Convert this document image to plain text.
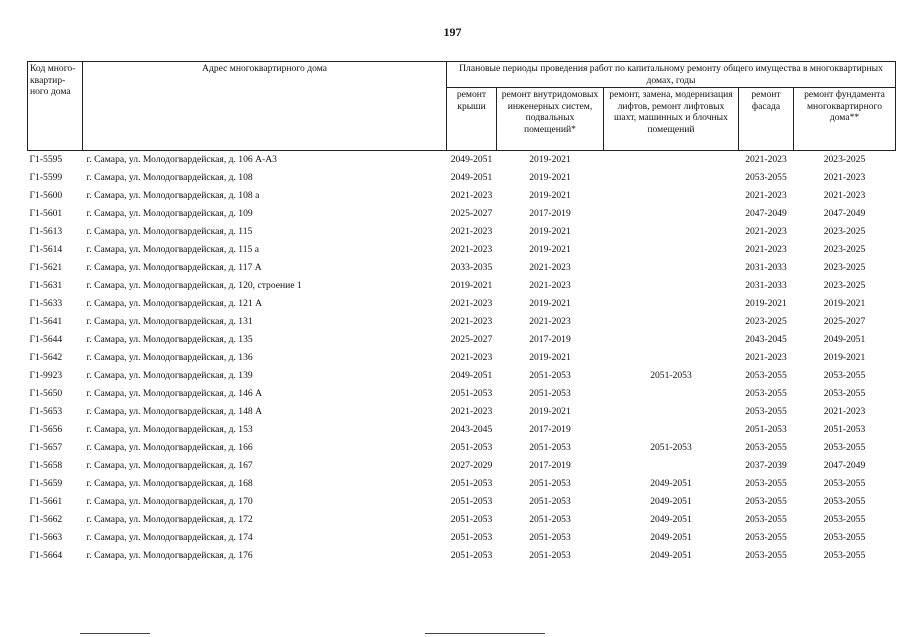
197
Код много-квартир-ного дома	Адрес многоквартирного дома	Плановые периоды проведения работ по капитальному ремонту общего имущества в многоквартирных домах, годы				
		ремонт крыши	ремонт внутридомовых инженерных систем, подвальных помещений*	ремонт, замена, модернизация лифтов, ремонт лифтовых шахт, машинных и блочных помещений	ремонт фасада	ремонт фундамента многоквартирного дома**
Г1-5595	г. Самара, ул. Молодогвардейская, д. 106 А-А3	2049-2051	2019-2021		2021-2023	2023-2025
Г1-5599	г. Самара, ул. Молодогвардейская, д. 108	2049-2051	2019-2021		2053-2055	2021-2023
Г1-5600	г. Самара, ул. Молодогвардейская, д. 108 а	2021-2023	2019-2021		2021-2023	2021-2023
Г1-5601	г. Самара, ул. Молодогвардейская, д. 109	2025-2027	2017-2019		2047-2049	2047-2049
Г1-5613	г. Самара, ул. Молодогвардейская, д. 115	2021-2023	2019-2021		2021-2023	2023-2025
Г1-5614	г. Самара, ул. Молодогвардейская, д. 115 а	2021-2023	2019-2021		2021-2023	2023-2025
Г1-5621	г. Самара, ул. Молодогвардейская, д. 117 А	2033-2035	2021-2023		2031-2033	2023-2025
Г1-5631	г. Самара, ул. Молодогвардейская, д. 120, строение 1	2019-2021	2021-2023		2031-2033	2023-2025
Г1-5633	г. Самара, ул. Молодогвардейская, д. 121 А	2021-2023	2019-2021		2019-2021	2019-2021
Г1-5641	г. Самара, ул. Молодогвардейская, д. 131	2021-2023	2021-2023		2023-2025	2025-2027
Г1-5644	г. Самара, ул. Молодогвардейская, д. 135	2025-2027	2017-2019		2043-2045	2049-2051
Г1-5642	г. Самара, ул. Молодогвардейская, д. 136	2021-2023	2019-2021		2021-2023	2019-2021
Г1-9923	г. Самара, ул. Молодогвардейская, д. 139	2049-2051	2051-2053	2051-2053	2053-2055	2053-2055
Г1-5650	г. Самара, ул. Молодогвардейская, д. 146 А	2051-2053	2051-2053		2053-2055	2053-2055
Г1-5653	г. Самара, ул. Молодогвардейская, д. 148 А	2021-2023	2019-2021		2053-2055	2021-2023
Г1-5656	г. Самара, ул. Молодогвардейская, д. 153	2043-2045	2017-2019		2051-2053	2051-2053
Г1-5657	г. Самара, ул. Молодогвардейская, д. 166	2051-2053	2051-2053	2051-2053	2053-2055	2053-2055
Г1-5658	г. Самара, ул. Молодогвардейская, д. 167	2027-2029	2017-2019		2037-2039	2047-2049
Г1-5659	г. Самара, ул. Молодогвардейская, д. 168	2051-2053	2051-2053	2049-2051	2053-2055	2053-2055
Г1-5661	г. Самара, ул. Молодогвардейская, д. 170	2051-2053	2051-2053	2049-2051	2053-2055	2053-2055
Г1-5662	г. Самара, ул. Молодогвардейская, д. 172	2051-2053	2051-2053	2049-2051	2053-2055	2053-2055
Г1-5663	г. Самара, ул. Молодогвардейская, д. 174	2051-2053	2051-2053	2049-2051	2053-2055	2053-2055
Г1-5664	г. Самара, ул. Молодогвардейская, д. 176	2051-2053	2051-2053	2049-2051	2053-2055	2053-2055
